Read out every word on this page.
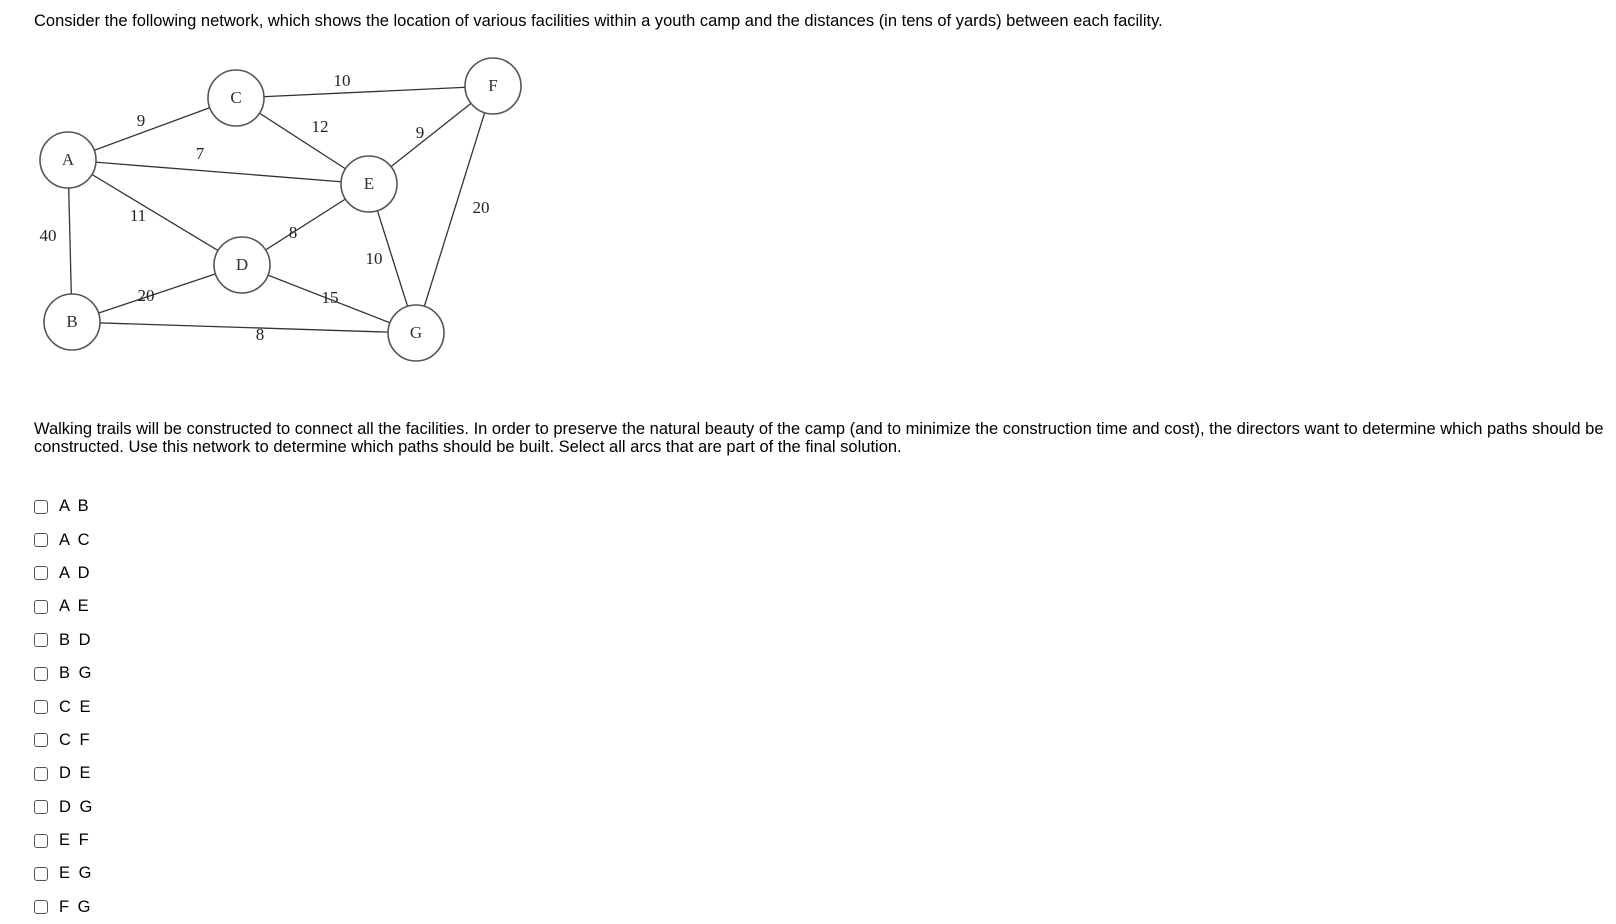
Consider the following network, which shows the location of various facilities within a youth camp and the distances (in tens of yards) between each facility.

A
B
C
D
E
F
G
40
9
7
11
20
8
10
12	9
8
10
15
20

Walking trails will be constructed to connect all the facilities. In order to preserve the natural beauty of the camp (and to minimize the construction time and cost), the directors want to determine which paths should be constructed. Use this network to determine which paths should be built. Select all arcs that are part of the final solution.

A B
A C
A D
A E
B D
B G
C E
C F
D E
D G
E F
E G
F G
